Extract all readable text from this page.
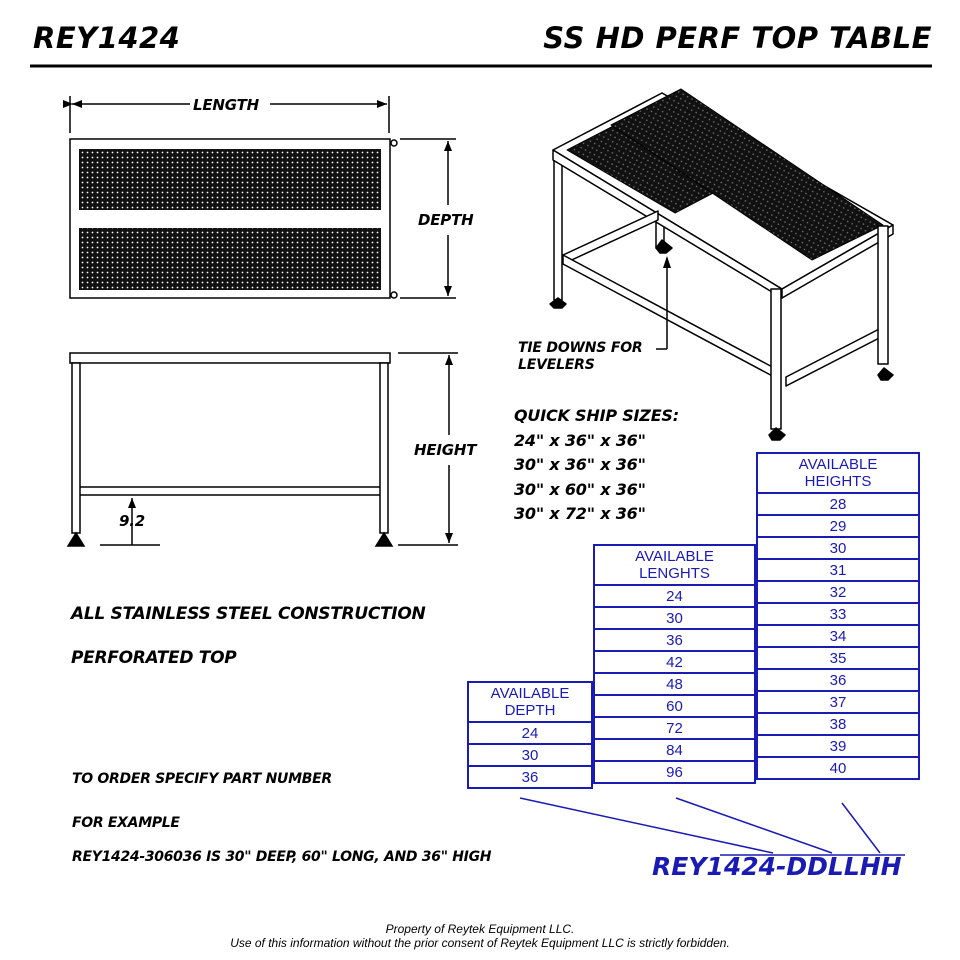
REY1424	SS HD PERF TOP TABLE
LENGTH
DEPTH
HEIGHT
9.2
TIE DOWNS FOR
LEVELERS
QUICK SHIP SIZES:
24" x 36" x 36"
30" x 36" x 36"
30" x 60" x 36"
30" x 72" x 36"
ALL STAINLESS STEEL CONSTRUCTION
PERFORATED TOP
TO ORDER SPECIFY PART NUMBER
FOR EXAMPLE
REY1424-306036 IS 30" DEEP, 60" LONG, AND 36" HIGH	REY1424-DDLLHH
AVAILABLE
HEIGHTS

28
29
30
31
32
33
34
35
36
37
38
39
40
AVAILABLE
LENGHTS

24
30
36
42
48
60
72
84
96
AVAILABLE
DEPTH

24
30
36
Property of Reytek Equipment LLC.
Use of this information without the prior consent of Reytek Equipment LLC is strictly forbidden.
